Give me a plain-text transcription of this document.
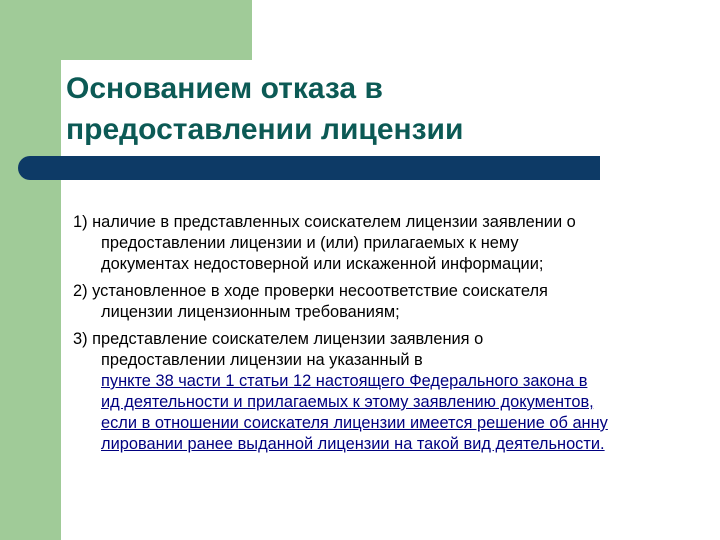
Основанием отказа в
предоставлении лицензии
1) наличие в представленных соискателем лицензии заявлении о
предоставлении лицензии и (или) прилагаемых к нему
документах недостоверной или искаженной информации;
2) установленное в ходе проверки несоответствие соискателя
лицензии лицензионным требованиям;
3) представление соискателем лицензии заявления о
предоставлении лицензии на указанный в
пункте 38 части 1 статьи 12 настоящего Федерального закона в
ид деятельности и прилагаемых к этому заявлению документов,
если в отношении соискателя лицензии имеется решение об анну
лировании ранее выданной лицензии на такой вид деятельности.
